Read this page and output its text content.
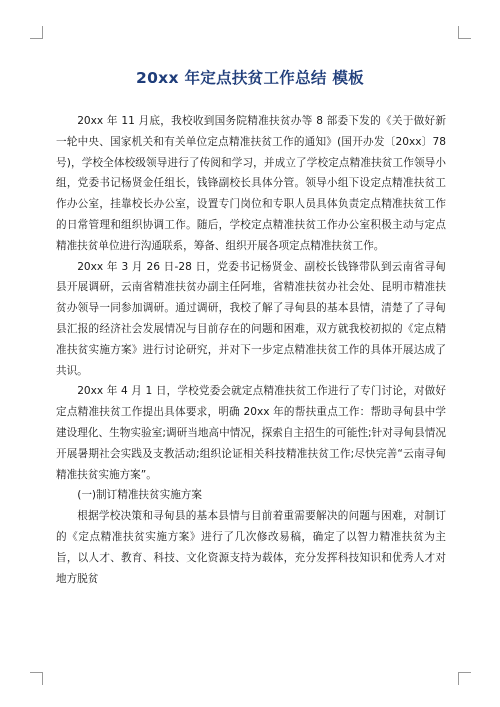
20xx 年定点扶贫工作总结 模板

20xx 年 11 月底，我校收到国务院精准扶贫办等 8 部委下发的《关于做好新一轮中央、国家机关和有关单位定点精准扶贫工作的通知》(国开办发〔20xx〕78 号)，学校全体校级领导进行了传阅和学习，并成立了学校定点精准扶贫工作领导小组，党委书记杨贤金任组长，钱锋副校长具体分管。领导小组下设定点精准扶贫工作办公室，挂靠校长办公室，设置专门岗位和专职人员具体负责定点精准扶贫工作的日常管理和组织协调工作。随后，学校定点精准扶贫工作办公室积极主动与定点精准扶贫单位进行沟通联系，筹备、组织开展各项定点精准扶贫工作。

20xx 年 3 月 26 日-28 日，党委书记杨贤金、副校长钱锋带队到云南省寻甸县开展调研，云南省精准扶贫办副主任阿堆，省精准扶贫办社会处、昆明市精准扶贫办领导一同参加调研。通过调研，我校了解了寻甸县的基本县情，清楚了了寻甸县汇报的经济社会发展情况与目前存在的问题和困难，双方就我校初拟的《定点精准扶贫实施方案》进行讨论研究，并对下一步定点精准扶贫工作的具体开展达成了共识。

20xx 年 4 月 1 日，学校党委会就定点精准扶贫工作进行了专门讨论，对做好定点精准扶贫工作提出具体要求，明确 20xx 年的帮扶重点工作：帮助寻甸县中学建设理化、生物实验室;调研当地高中情况，探索自主招生的可能性;针对寻甸县情况开展暑期社会实践及支教活动;组织论证相关科技精准扶贫工作;尽快完善“云南寻甸精准扶贫实施方案”。

(一)制订精准扶贫实施方案

根据学校决策和寻甸县的基本县情与目前着重需要解决的问题与困难，对制订的《定点精准扶贫实施方案》进行了几次修改易稿，确定了以智力精准扶贫为主旨，以人才、教育、科技、文化资源支持为载体，充分发挥科技知识和优秀人才对地方脱贫
